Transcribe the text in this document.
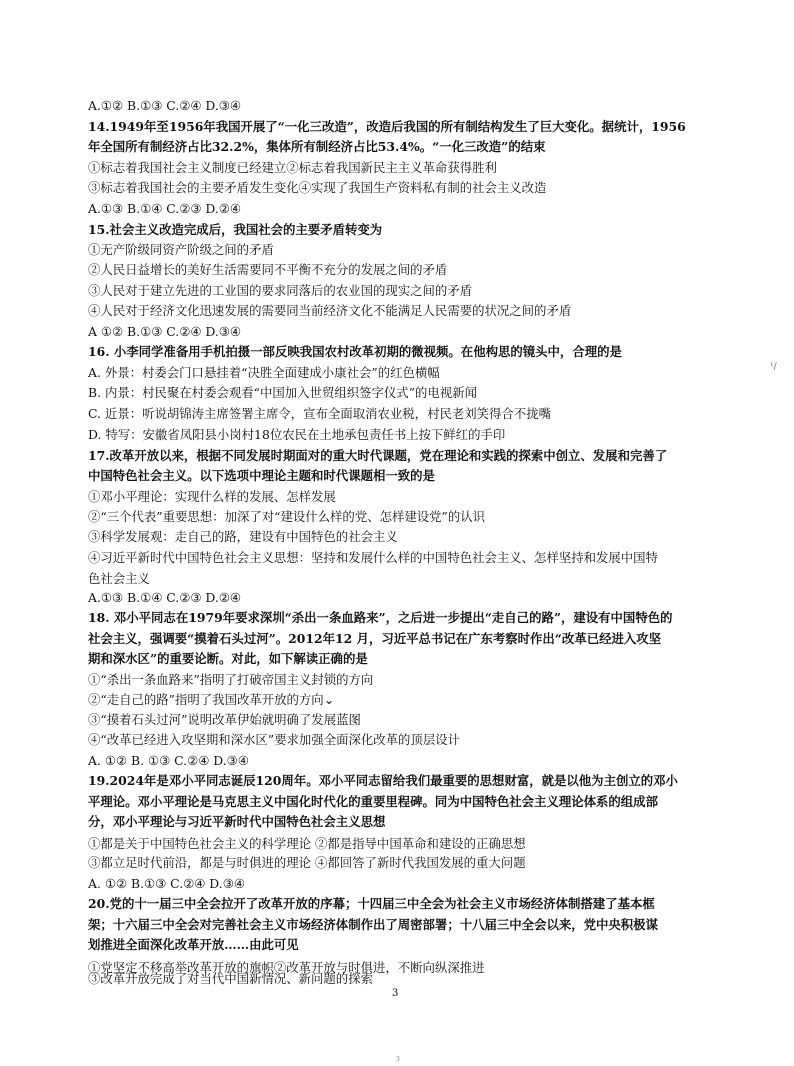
A.①② B.①③ C.②④ D.③④
14.1949年至1956年我国开展了“一化三改造”，改造后我国的所有制结构发生了巨大变化。据统计，1956
年全国所有制经济占比32.2%，集体所有制经济占比53.4%。“一化三改造”的结束
①标志着我国社会主义制度已经建立②标志着我国新民主主义革命获得胜利
③标志着我国社会的主要矛盾发生变化④实现了我国生产资料私有制的社会主义改造
A.①③ B.①④ C.②③ D.②④
15.社会主义改造完成后，我国社会的主要矛盾转变为
①无产阶级同资产阶级之间的矛盾
②人民日益增长的美好生活需要同不平衡不充分的发展之间的矛盾
③人民对于建立先进的工业国的要求同落后的农业国的现实之间的矛盾
④人民对于经济文化迅速发展的需要同当前经济文化不能满足人民需要的状况之间的矛盾
A ①② B.①③ C.②④ D.③④
16. 小李同学准备用手机拍摄一部反映我国农村改革初期的微视频。在他构思的镜头中，合理的是
A. 外景：村委会门口悬挂着“决胜全面建成小康社会”的红色横幅
B. 内景：村民聚在村委会观看“中国加入世贸组织签字仪式”的电视新闻
C. 近景：听说胡锦涛主席签署主席令，宣布全面取消农业税，村民老刘笑得合不拢嘴
D. 特写：安徽省凤阳县小岗村18位农民在土地承包责任书上按下鲜红的手印
17.改革开放以来，根据不同发展时期面对的重大时代课题，党在理论和实践的探索中创立、发展和完善了
中国特色社会主义。以下选项中理论主题和时代课题相一致的是
①邓小平理论：实现什么样的发展、怎样发展
②“三个代表”重要思想：加深了对“建设什么样的党、怎样建设党”的认识
③科学发展观：走自己的路，建设有中国特色的社会主义
④习近平新时代中国特色社会主义思想：坚持和发展什么样的中国特色社会主义、怎样坚持和发展中国特
色社会主义
A.①③ B.①④ C.②③ D.②④
18. 邓小平同志在1979年要求深圳“杀出一条血路来”，之后进一步提出“走自己的路”，建设有中国特色的
社会主义，强调要“摸着石头过河”。2012年12 月，习近平总书记在广东考察时作出“改革已经进入攻坚
期和深水区”的重要论断。对此，如下解读正确的是
①“杀出一条血路来”指明了打破帝国主义封锁的方向
②“走自己的路”指明了我国改革开放的方向⌄
③“摸着石头过河”说明改革伊始就明确了发展蓝图
④“改革已经进入攻坚期和深水区”要求加强全面深化改革的顶层设计
A. ①② B. ①③ C.②④ D.③④
19.2024年是邓小平同志诞辰120周年。邓小平同志留给我们最重要的思想财富，就是以他为主创立的邓小
平理论。邓小平理论是马克思主义中国化时代化的重要里程碑。同为中国特色社会主义理论体系的组成部
分，邓小平理论与习近平新时代中国特色社会主义思想
①都是关于中国特色社会主义的科学理论 ②都是指导中国革命和建设的正确思想
③都立足时代前沿，都是与时俱进的理论 ④都回答了新时代我国发展的重大问题
A. ①② B.①③ C.②④ D.③④
20.党的十一届三中全会拉开了改革开放的序幕；十四届三中全会为社会主义市场经济体制搭建了基本框
架；十六届三中全会对完善社会主义市场经济体制作出了周密部署；十八届三中全会以来，党中央积极谋
划推进全面深化改革开放……由此可见
①党坚定不移高举改革开放的旗帜②改革开放与时俱进，不断向纵深推进
③改革开放完成了对当代中国新情况、新问题的探索
3
3
¹/
